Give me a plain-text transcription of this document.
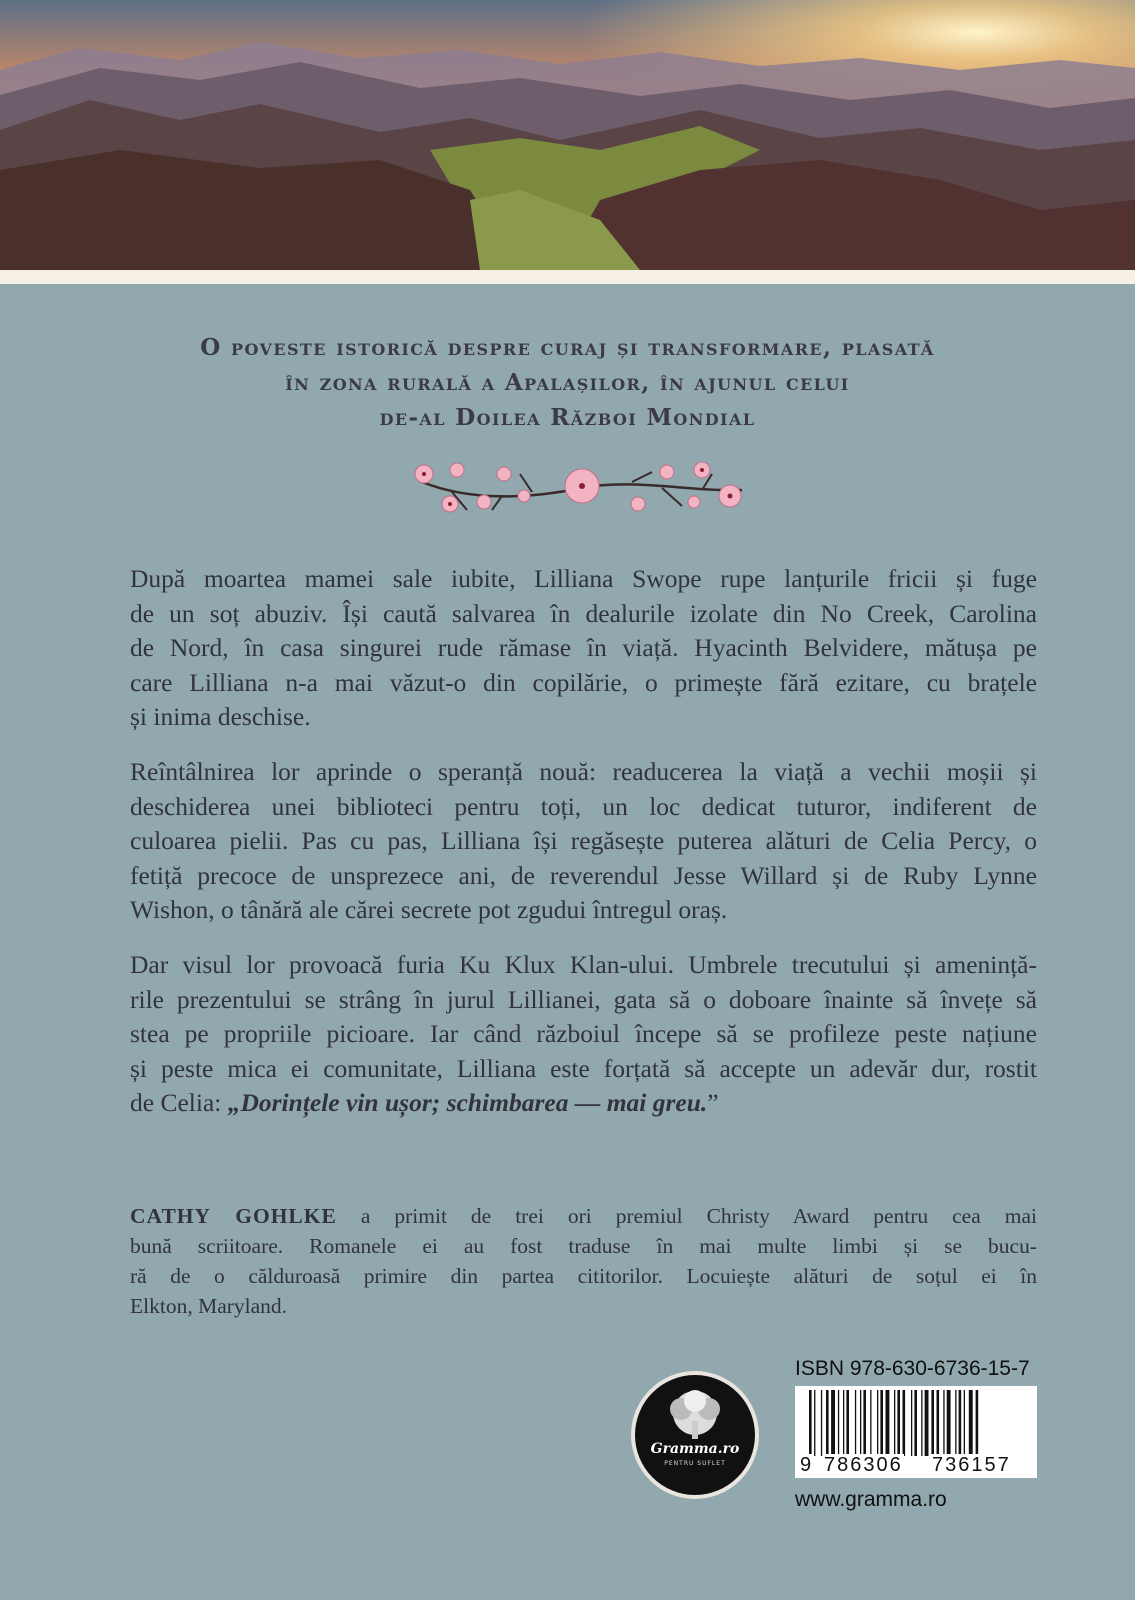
O poveste istorică despre curaj și transformare, plasată
în zona rurală a Apalașilor, în ajunul celui
de-al Doilea Război Mondial
După moartea mamei sale iubite, Lilliana Swope rupe lanțurile fricii și fuge
de un soț abuziv. Își caută salvarea în dealurile izolate din No Creek, Carolina
de Nord, în casa singurei rude rămase în viață. Hyacinth Belvidere, mătușa pe
care Lilliana n-a mai văzut-o din copilărie, o primește fără ezitare, cu brațele
și inima deschise.
Reîntâlnirea lor aprinde o speranță nouă: readucerea la viață a vechii moșii și
deschiderea unei biblioteci pentru toți, un loc dedicat tuturor, indiferent de
culoarea pielii. Pas cu pas, Lilliana își regăsește puterea alături de Celia Percy, o
fetiță precoce de unsprezece ani, de reverendul Jesse Willard și de Ruby Lynne
Wishon, o tânără ale cărei secrete pot zgudui întregul oraș.
Dar visul lor provoacă furia Ku Klux Klan-ului. Umbrele trecutului și amenință-
rile prezentului se strâng în jurul Lillianei, gata să o doboare înainte să învețe să
stea pe propriile picioare. Iar când războiul începe să se profileze peste națiune
și peste mica ei comunitate, Lilliana este forțată să accepte un adevăr dur, rostit
de Celia: „Dorințele vin ușor; schimbarea — mai greu.”
CATHY GOHLKE a primit de trei ori premiul Christy Award pentru cea mai
bună scriitoare. Romanele ei au fost traduse în mai multe limbi și se bucu-
ră de o călduroasă primire din partea cititorilor. Locuiește alături de soțul ei în
Elkton, Maryland.
Gramma.ro
PENTRU SUFLET
ISBN 978-630-6736-15-7
9 786306 736157
www.gramma.ro
